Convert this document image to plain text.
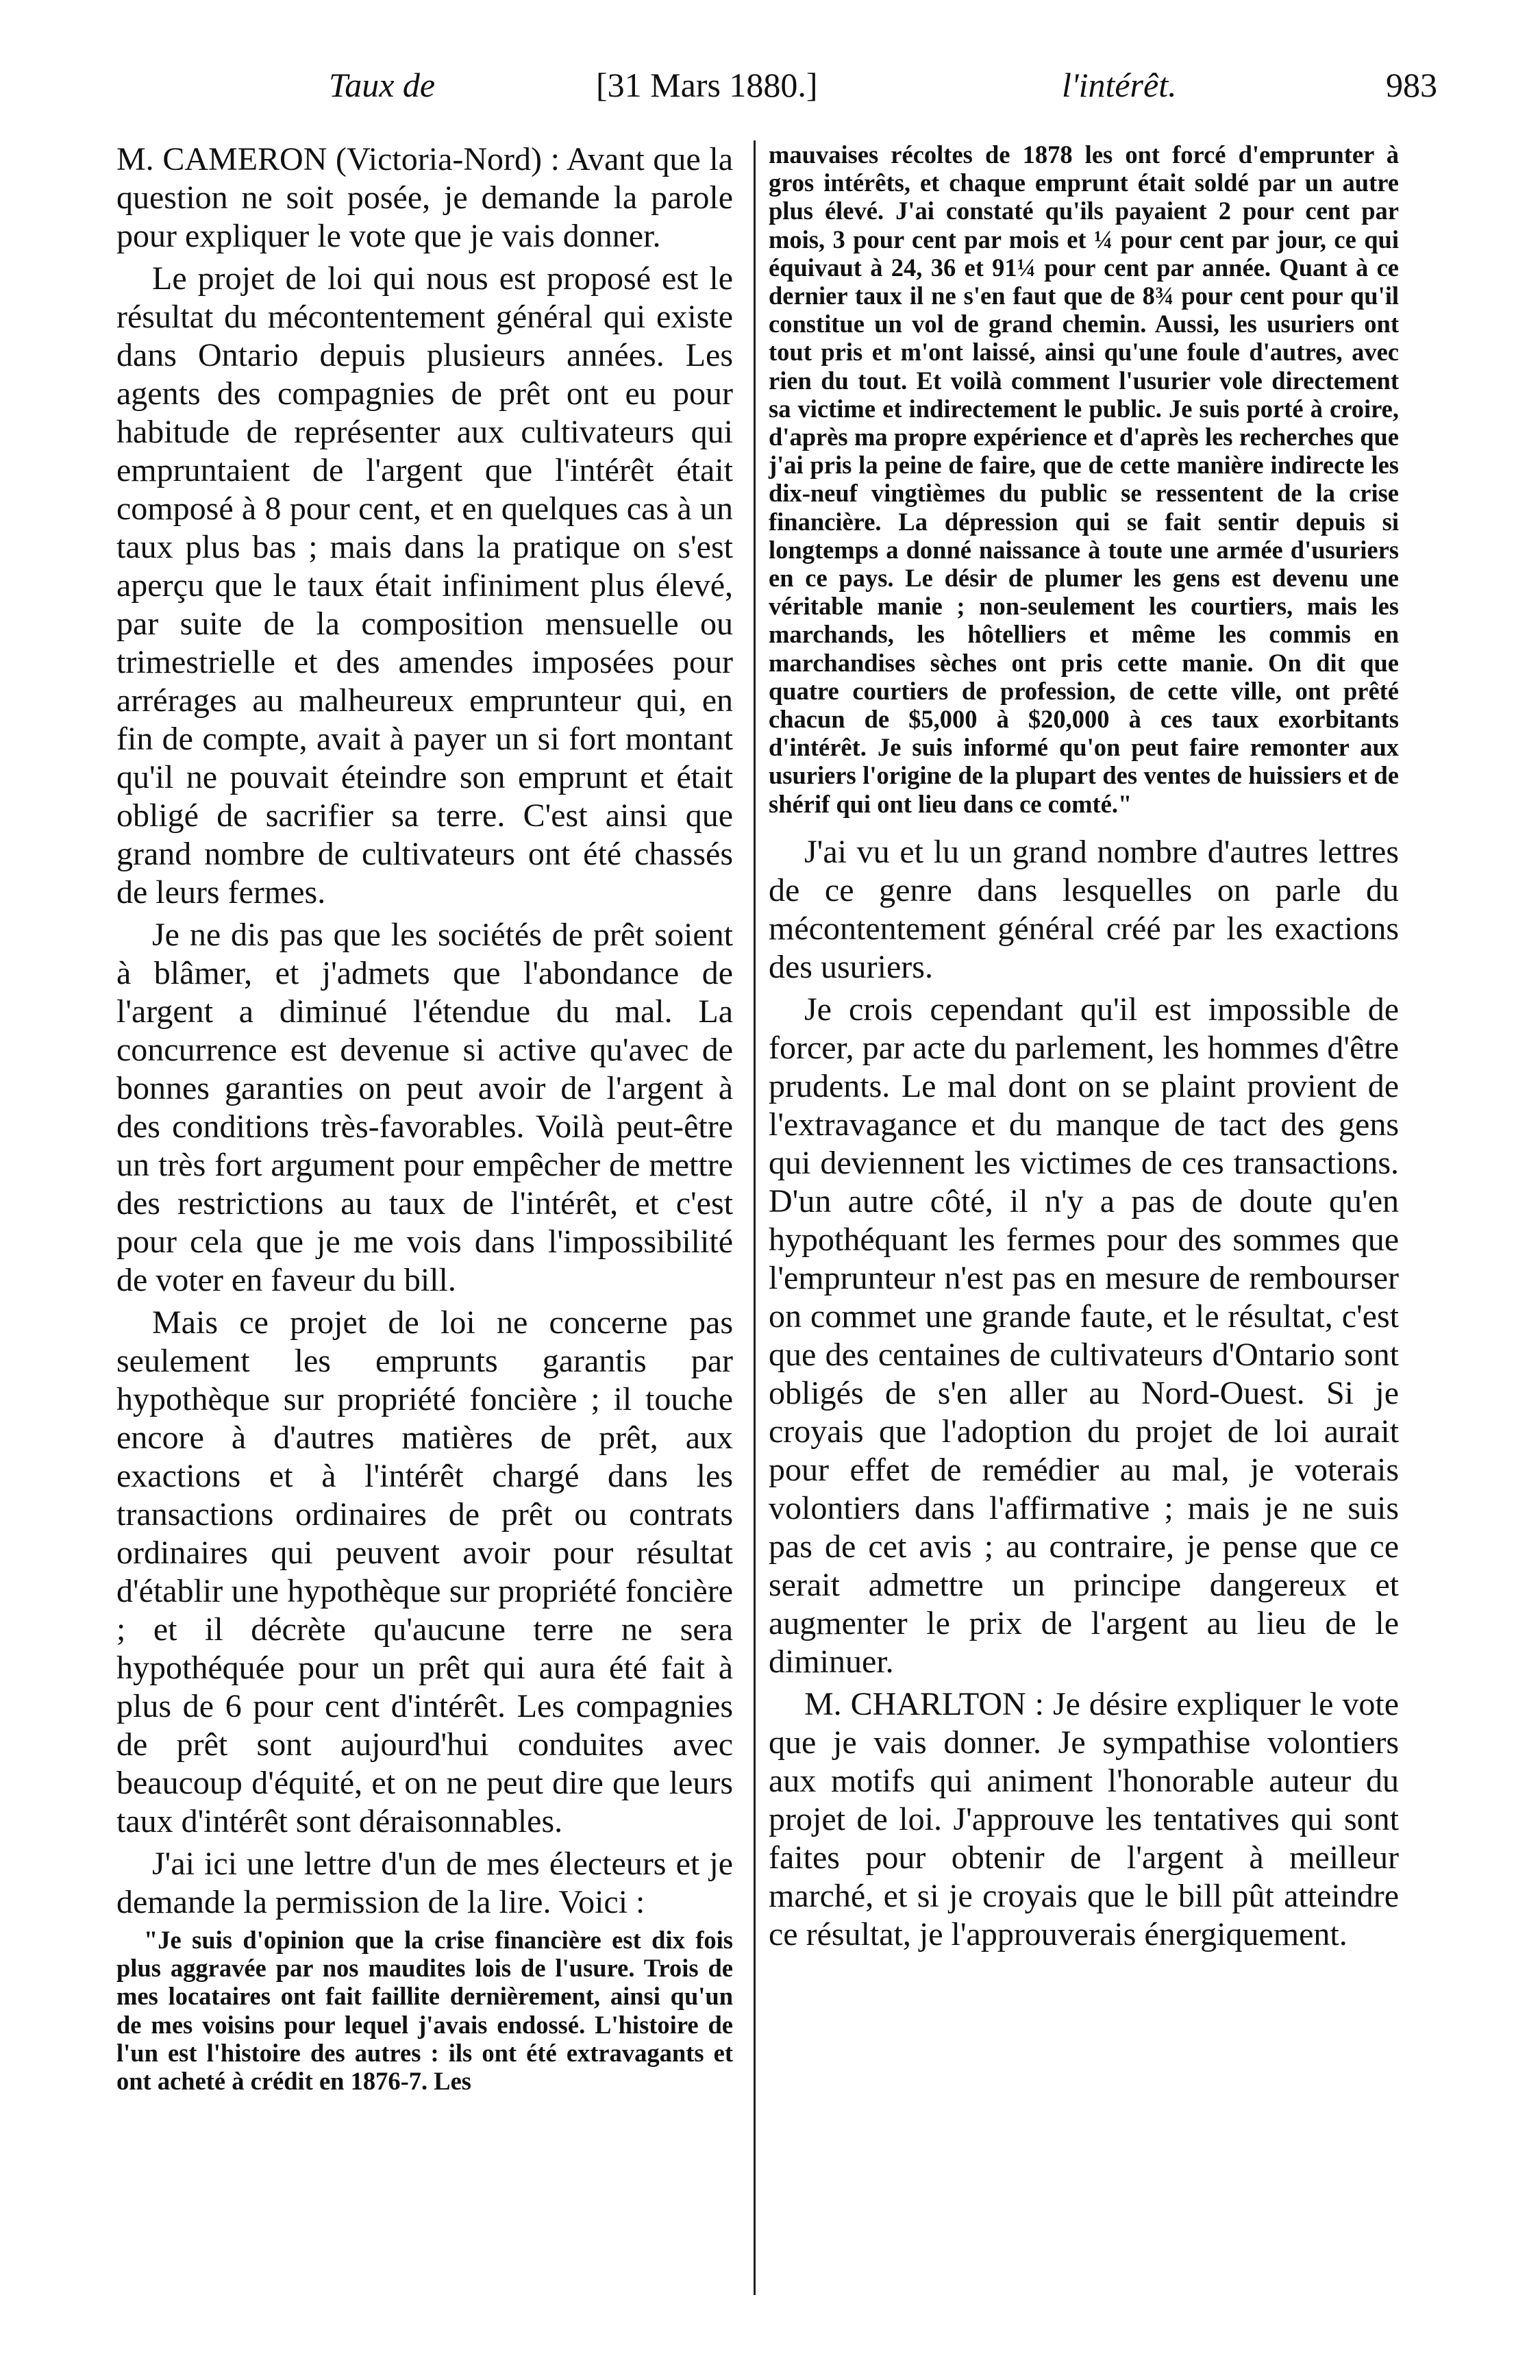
Taux de	[31 Mars 1880.]	l'intérêt.	983
M. CAMERON (Victoria-Nord) : Avant que la question ne soit posée, je demande la parole pour expliquer le vote que je vais donner.
Le projet de loi qui nous est proposé est le résultat du mécontentement général qui existe dans Ontario depuis plusieurs années. Les agents des compagnies de prêt ont eu pour habitude de représenter aux cultivateurs qui empruntaient de l'argent que l'intérêt était composé à 8 pour cent, et en quelques cas à un taux plus bas ; mais dans la pratique on s'est aperçu que le taux était infiniment plus élevé, par suite de la composition mensuelle ou trimestrielle et des amendes imposées pour arrérages au malheureux emprunteur qui, en fin de compte, avait à payer un si fort montant qu'il ne pouvait éteindre son emprunt et était obligé de sacrifier sa terre. C'est ainsi que grand nombre de cultivateurs ont été chassés de leurs fermes.
Je ne dis pas que les sociétés de prêt soient à blâmer, et j'admets que l'abondance de l'argent a diminué l'étendue du mal. La concurrence est devenue si active qu'avec de bonnes garanties on peut avoir de l'argent à des conditions très-favorables. Voilà peut-être un très fort argument pour empêcher de mettre des restrictions au taux de l'intérêt, et c'est pour cela que je me vois dans l'impossibilité de voter en faveur du bill.
Mais ce projet de loi ne concerne pas seulement les emprunts garantis par hypothèque sur propriété foncière ; il touche encore à d'autres matières de prêt, aux exactions et à l'intérêt chargé dans les transactions ordinaires de prêt ou contrats ordinaires qui peuvent avoir pour résultat d'établir une hypothèque sur propriété foncière ; et il décrète qu'aucune terre ne sera hypothéquée pour un prêt qui aura été fait à plus de 6 pour cent d'intérêt. Les compagnies de prêt sont aujourd'hui conduites avec beaucoup d'équité, et on ne peut dire que leurs taux d'intérêt sont déraisonnables.
J'ai ici une lettre d'un de mes électeurs et je demande la permission de la lire. Voici :
"Je suis d'opinion que la crise financière est dix fois plus aggravée par nos maudites lois de l'usure. Trois de mes locataires ont fait faillite dernièrement, ainsi qu'un de mes voisins pour lequel j'avais endossé. L'histoire de l'un est l'histoire des autres : ils ont été extravagants et ont acheté à crédit en 1876-7. Les
mauvaises récoltes de 1878 les ont forcé d'emprunter à gros intérêts, et chaque emprunt était soldé par un autre plus élevé. J'ai constaté qu'ils payaient 2 pour cent par mois, 3 pour cent par mois et ¼ pour cent par jour, ce qui équivaut à 24, 36 et 91¼ pour cent par année. Quant à ce dernier taux il ne s'en faut que de 8¾ pour cent pour qu'il constitue un vol de grand chemin. Aussi, les usuriers ont tout pris et m'ont laissé, ainsi qu'une foule d'autres, avec rien du tout. Et voilà comment l'usurier vole directement sa victime et indirectement le public. Je suis porté à croire, d'après ma propre expérience et d'après les recherches que j'ai pris la peine de faire, que de cette manière indirecte les dix-neuf vingtièmes du public se ressentent de la crise financière. La dépression qui se fait sentir depuis si longtemps a donné naissance à toute une armée d'usuriers en ce pays. Le désir de plumer les gens est devenu une véritable manie ; non-seulement les courtiers, mais les marchands, les hôtelliers et même les commis en marchandises sèches ont pris cette manie. On dit que quatre courtiers de profession, de cette ville, ont prêté chacun de $5,000 à $20,000 à ces taux exorbitants d'intérêt. Je suis informé qu'on peut faire remonter aux usuriers l'origine de la plupart des ventes de huissiers et de shérif qui ont lieu dans ce comté."
J'ai vu et lu un grand nombre d'autres lettres de ce genre dans lesquelles on parle du mécontentement général créé par les exactions des usuriers.
Je crois cependant qu'il est impossible de forcer, par acte du parlement, les hommes d'être prudents. Le mal dont on se plaint provient de l'extravagance et du manque de tact des gens qui deviennent les victimes de ces transactions. D'un autre côté, il n'y a pas de doute qu'en hypothéquant les fermes pour des sommes que l'emprunteur n'est pas en mesure de rembourser on commet une grande faute, et le résultat, c'est que des centaines de cultivateurs d'Ontario sont obligés de s'en aller au Nord-Ouest. Si je croyais que l'adoption du projet de loi aurait pour effet de remédier au mal, je voterais volontiers dans l'affirmative ; mais je ne suis pas de cet avis ; au contraire, je pense que ce serait admettre un principe dangereux et augmenter le prix de l'argent au lieu de le diminuer.
M. CHARLTON : Je désire expliquer le vote que je vais donner. Je sympathise volontiers aux motifs qui animent l'honorable auteur du projet de loi. J'approuve les tentatives qui sont faites pour obtenir de l'argent à meilleur marché, et si je croyais que le bill pût atteindre ce résultat, je l'approuverais énergiquement.
